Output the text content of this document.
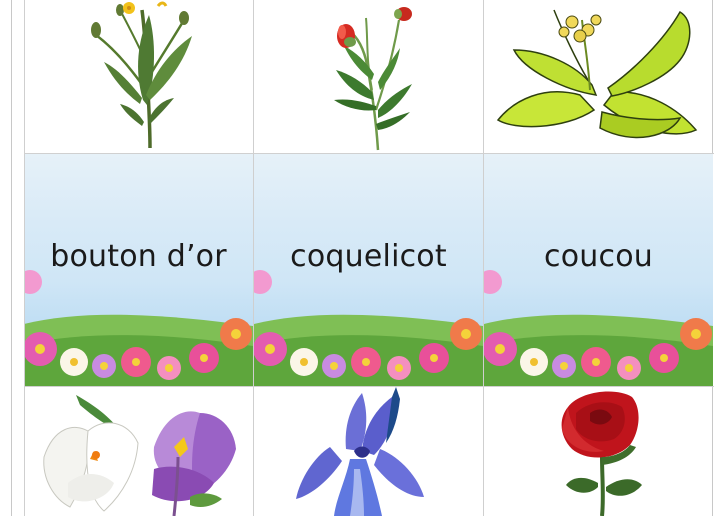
bouton d’or	coquelicot	coucou
